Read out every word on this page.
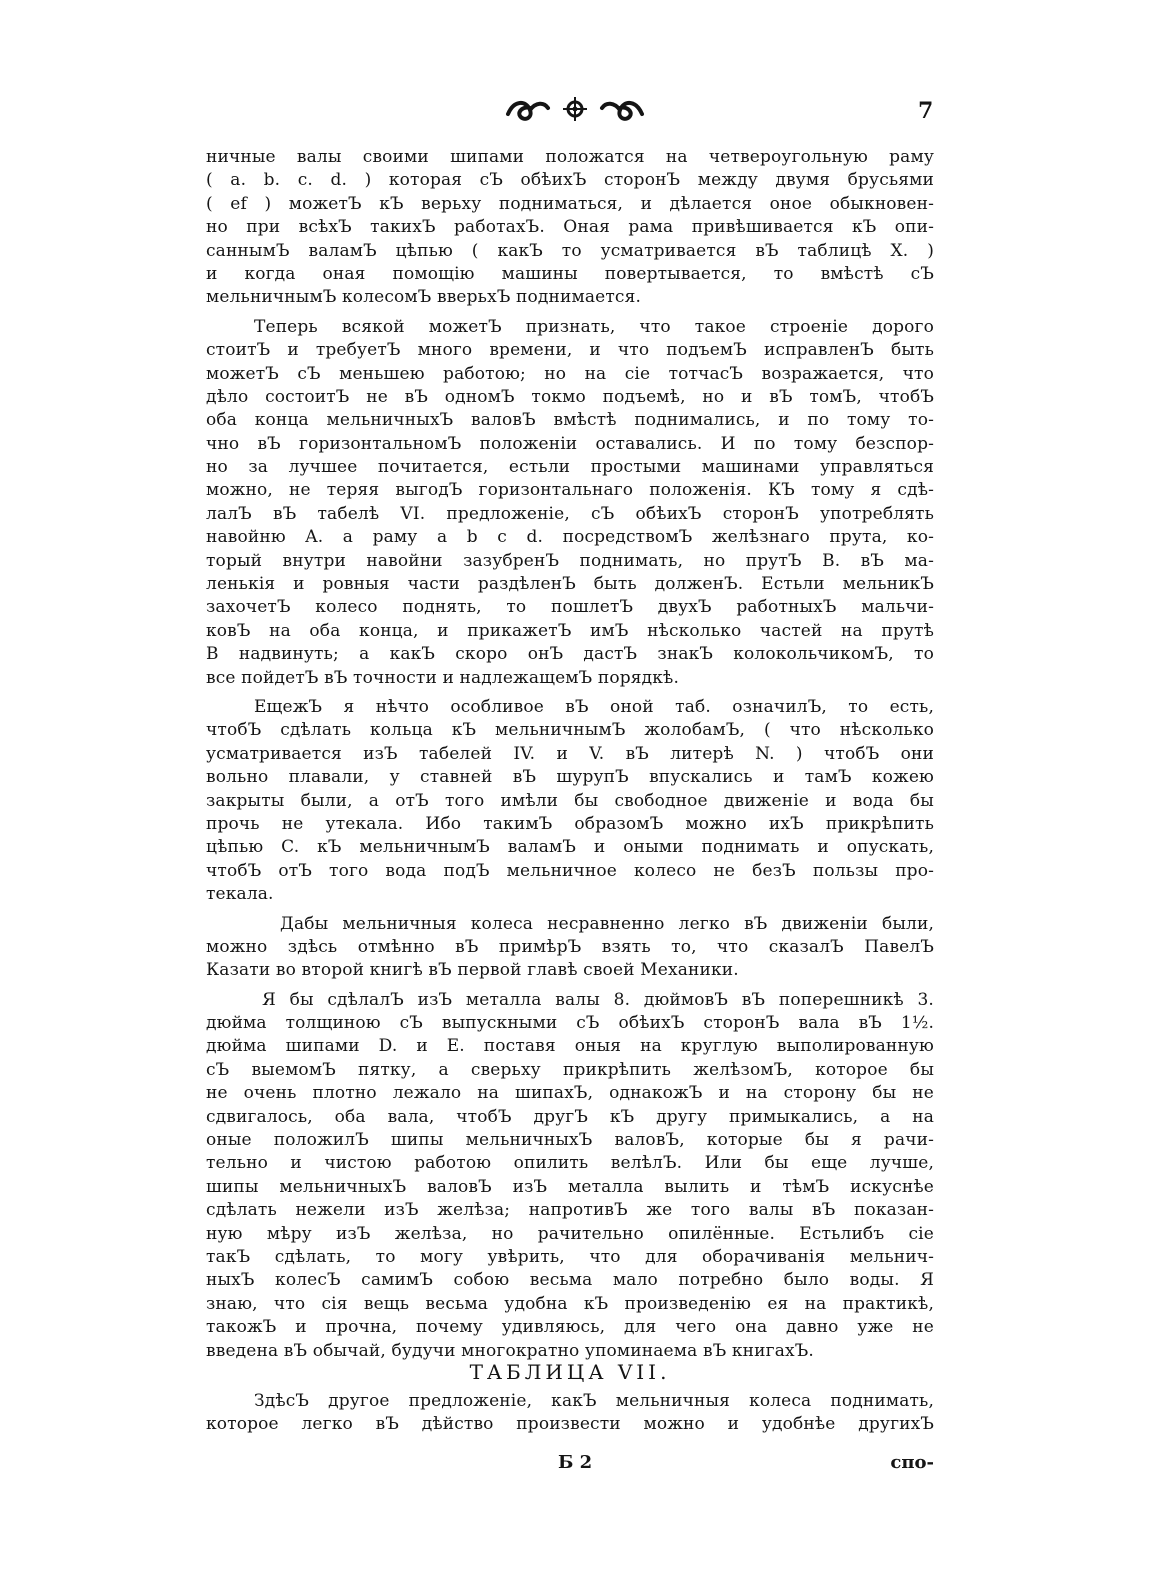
7
ничные валы своими шипами положатся на четвероугольную раму
( a. b. c. d. ) которая сЪ обѣихЪ сторонЪ между двумя брусьями
( ef ) можетЪ кЪ верьху подниматься, и дѣлается оное обыкновен-
но при всѣхЪ такихЪ работахЪ. Оная рама привѣшивается кЪ опи-
саннымЪ валамЪ цѣпью ( какЪ то усматривается вЪ таблицѣ X. )
и когда оная помощію машины повертывается, то вмѣстѣ сЪ
мельничнымЪ колесомЪ вверьхЪ поднимается.
Теперь всякой можетЪ признать, что такое строеніе дорого
стоитЪ и требуетЪ много времени, и что подъемЪ исправленЪ быть
можетЪ сЪ меньшею работою; но на сіе тотчасЪ возражается, что
дѣло состоитЪ не вЪ одномЪ токмо подъемѣ, но и вЪ томЪ, чтобЪ
оба конца мельничныхЪ валовЪ вмѣстѣ поднимались, и по тому то-
чно вЪ горизонтальномЪ положеніи оставались. И по тому безспор-
но за лучшее почитается, естьли простыми машинами управляться
можно, не теряя выгодЪ горизонтальнаго положенія. КЪ тому я сдѣ-
лалЪ вЪ табелѣ VI. предложеніе, сЪ обѣихЪ сторонЪ употреблять
навойню A. а раму a b c d. посредствомЪ желѣзнаго прута, ко-
торый внутри навойни зазубренЪ поднимать, но прутЪ B. вЪ ма-
ленькія и ровныя части раздѣленЪ быть долженЪ. Естьли мельникЪ
захочетЪ колесо поднять, то пошлетЪ двухЪ работныхЪ мальчи-
ковЪ на оба конца, и прикажетЪ имЪ нѣсколько частей на прутѣ
B надвинуть; а какЪ скоро онЪ дастЪ знакЪ колокольчикомЪ, то
все пойдетЪ вЪ точности и надлежащемЪ порядкѣ.
ЕщежЪ я нѣчто особливое вЪ оной таб. означилЪ, то есть,
чтобЪ сдѣлать кольца кЪ мельничнымЪ жолобамЪ, ( что нѣсколько
усматривается изЪ табелей IV. и V. вЪ литерѣ N. ) чтобЪ они
вольно плавали, у ставней вЪ шурупЪ впускались и тамЪ кожею
закрыты были, а отЪ того имѣли бы свободное движеніе и вода бы
прочь не утекала. Ибо такимЪ образомЪ можно ихЪ прикрѣпить
цѣпью C. кЪ мельничнымЪ валамЪ и оными поднимать и опускать,
чтобЪ отЪ того вода подЪ мельничное колесо не безЪ пользы про-
текала.
Дабы мельничныя колеса несравненно легко вЪ движеніи были,
можно здѣсь отмѣнно вЪ примѣрЪ взять то, что сказалЪ ПавелЪ
Казати во второй книгѣ вЪ первой главѣ своей Механики.
Я бы сдѣлалЪ изЪ металла валы 8. дюймовЪ вЪ поперешникѣ 3.
дюйма толщиною сЪ выпускными сЪ обѣихЪ сторонЪ вала вЪ 1½.
дюйма шипами D. и E. поставя оныя на круглую выполированную
сЪ выемомЪ пятку, а сверьху прикрѣпить желѣзомЪ, которое бы
не очень плотно лежало на шипахЪ, однакожЪ и на сторону бы не
сдвигалось, оба вала, чтобЪ другЪ кЪ другу примыкались, а на
оные положилЪ шипы мельничныхЪ валовЪ, которые бы я рачи-
тельно и чистою работою опилить велѣлЪ. Или бы еще лучше,
шипы мельничныхЪ валовЪ изЪ металла вылить и тѣмЪ искуснѣе
сдѣлать нежели изЪ желѣза; напротивЪ же того валы вЪ показан-
ную мѣру изЪ желѣза, но рачительно опилённые. Естьлибъ сіе
такЪ сдѣлать, то могу увѣрить, что для оборачиванія мельнич-
ныхЪ колесЪ самимЪ собою весьма мало потребно было воды. Я
знаю, что сія вещь весьма удобна кЪ произведенію ея на практикѣ,
такожЪ и прочна, почему удивляюсь, для чего она давно уже не
введена вЪ обычай, будучи многократно упоминаема вЪ книгахЪ.
ТАБЛИЦА VII.
ЗдѣсЪ другое предложеніе, какЪ мельничныя колеса поднимать,
которое легко вЪ дѣйство произвести можно и удобнѣе другихЪ
Б 2	спо-
